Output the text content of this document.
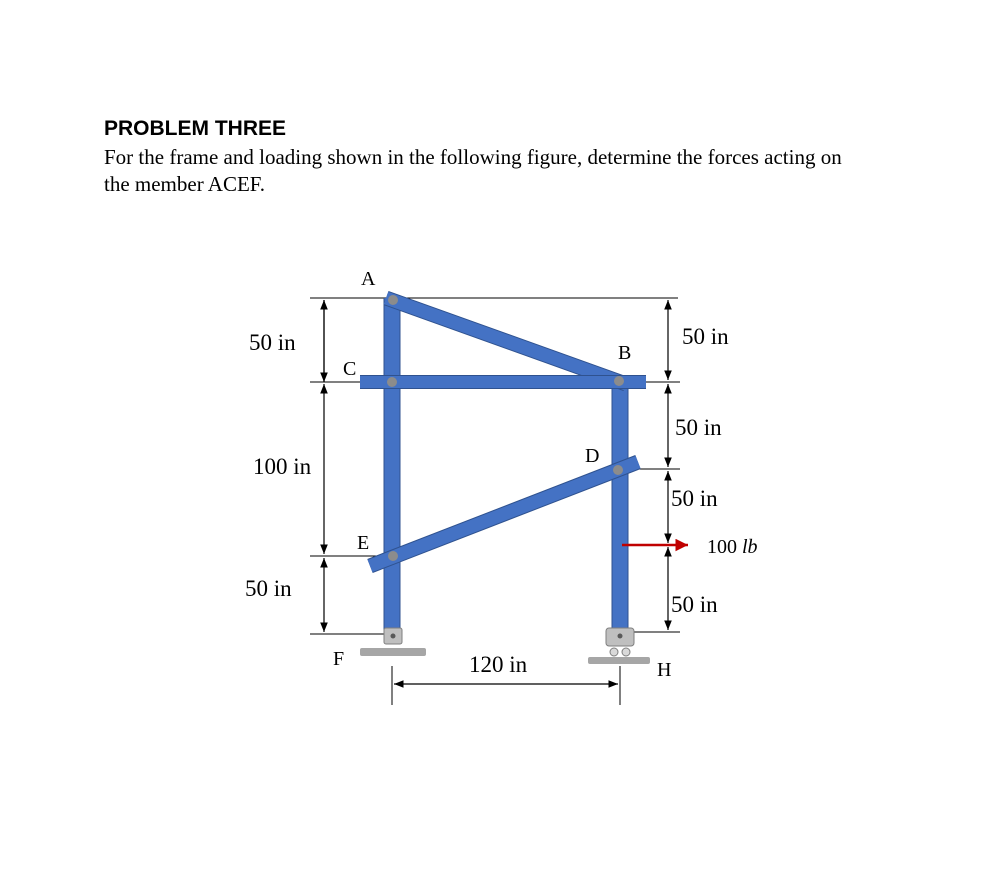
PROBLEM THREE

For the frame and loading shown in the following figure, determine the forces acting on the member ACEF.

A
C
B
D
E
F	H
50 in
100 in
50 in
50 in
50 in
50 in
50 in
120 in
100 lb
